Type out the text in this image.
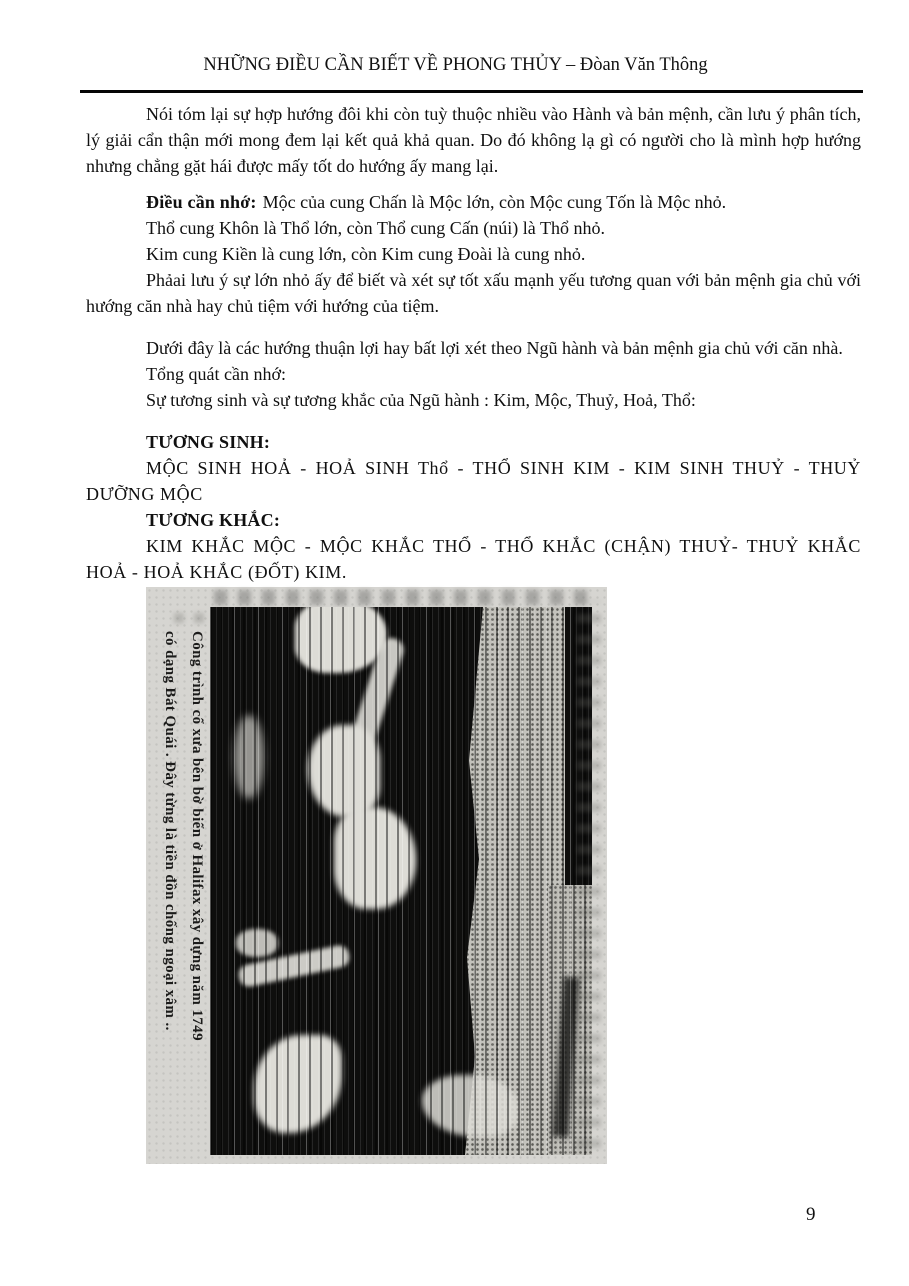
NHỮNG ĐIỀU CẦN BIẾT VỀ PHONG THỦY – Đòan Văn Thông

Nói tóm lại sự hợp hướng đôi khi còn tuỳ thuộc nhiều vào Hành và bản mệnh, cần lưu ý phân tích, lý giải cẩn thận mới mong đem lại kết quả khả quan. Do đó không lạ gì có người cho là mình hợp hướng nhưng chẳng gặt hái được mấy tốt do hướng ấy mang lại.

Điều cần nhớ: Mộc của cung Chấn là Mộc lớn, còn Mộc cung Tốn là Mộc nhỏ.

Thổ cung Khôn là Thổ lớn, còn Thổ cung Cấn (núi) là Thổ nhỏ.

Kim cung Kiền là cung lớn, còn Kim cung Đoài là cung nhỏ.

Phảai lưu ý sự lớn nhỏ ấy để biết và xét sự tốt xấu mạnh yếu tương quan với bản mệnh gia chủ với hướng căn nhà hay chủ tiệm với hướng của tiệm.

Dưới đây là các hướng thuận lợi hay bất lợi xét theo Ngũ hành và bản mệnh gia chủ với căn nhà.

Tổng quát cần nhớ:

Sự tương sinh và sự tương khắc của Ngũ hành : Kim, Mộc, Thuỷ, Hoả, Thổ:

TƯƠNG SINH:

MỘC SINH HOẢ - HOẢ SINH Thổ - THỔ SINH KIM - KIM SINH THUỶ - THUỶ DƯỠNG MỘC

TƯƠNG KHẮC:

KIM KHẮC MỘC - MỘC KHẮC THỔ - THỔ KHẮC (CHẬN) THUỶ- THUỶ KHẮC HOẢ - HOẢ KHẮC (ĐỐT) KIM.

Công trình cổ xưa bên bờ biển ở Halifax xây dựng năm 1749
có dạng Bát Quái . Đây từng là tiền đồn chống ngoại xâm ..
9
